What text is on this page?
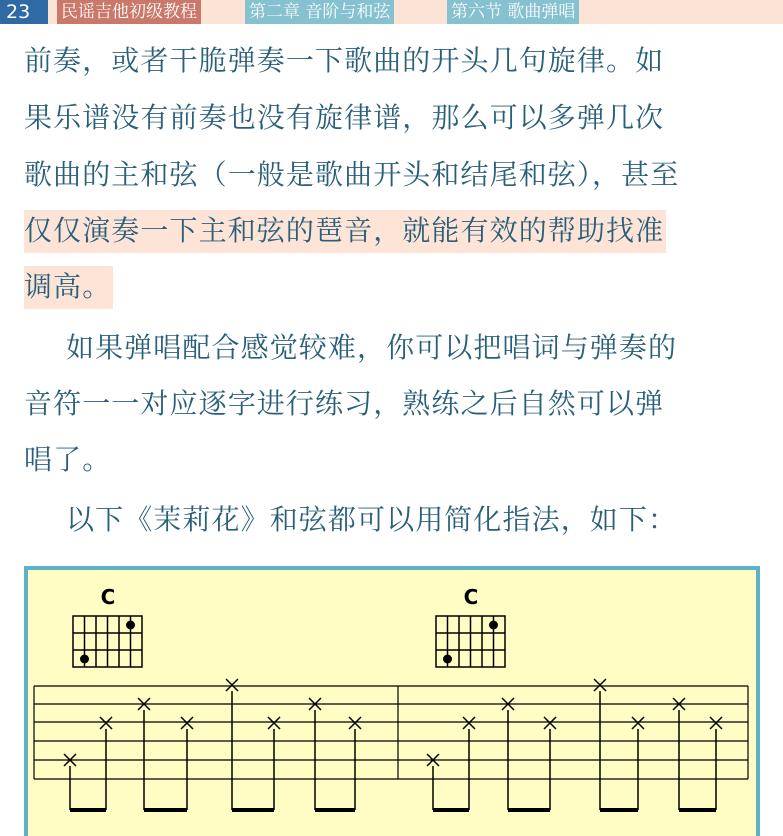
23	民谣吉他初级教程	第二章 音阶与和弦	第六节 歌曲弹唱
前奏，或者干脆弹奏一下歌曲的开头几句旋律。如
果乐谱没有前奏也没有旋律谱，那么可以多弹几次
歌曲的主和弦（一般是歌曲开头和结尾和弦），甚至
仅仅演奏一下主和弦的琶音，就能有效的帮助找准
调高。
如果弹唱配合感觉较难，你可以把唱词与弹奏的
音符一一对应逐字进行练习，熟练之后自然可以弹
唱了。
以下《茉莉花》和弦都可以用简化指法，如下：
C	C
